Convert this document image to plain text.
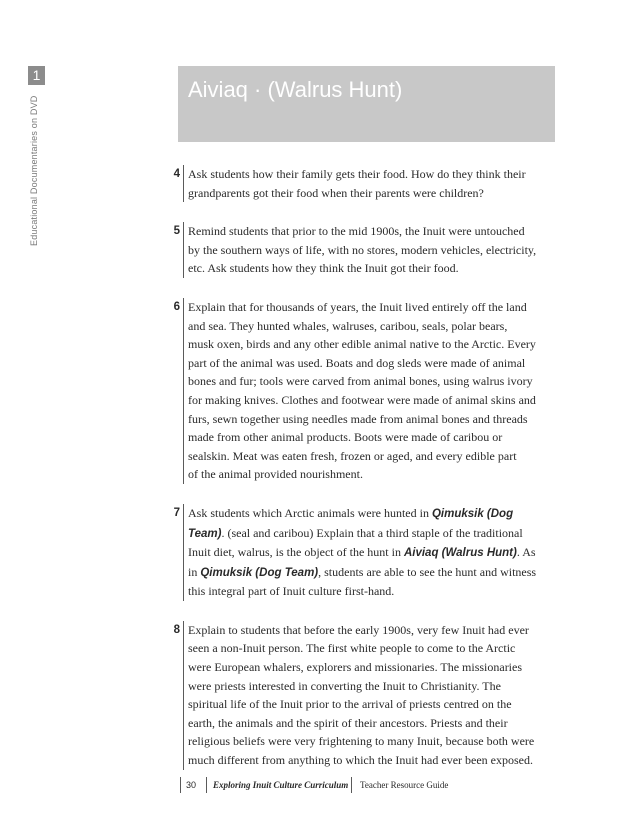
1
Educational Documentaries on DVD
Aiviaq · (Walrus Hunt)
4 Ask students how their family gets their food. How do they think their
grandparents got their food when their parents were children?
5 Remind students that prior to the mid 1900s, the Inuit were untouched
by the southern ways of life, with no stores, modern vehicles, electricity,
etc. Ask students how they think the Inuit got their food.
6 Explain that for thousands of years, the Inuit lived entirely off the land
and sea. They hunted whales, walruses, caribou, seals, polar bears,
musk oxen, birds and any other edible animal native to the Arctic. Every
part of the animal was used. Boats and dog sleds were made of animal
bones and fur; tools were carved from animal bones, using walrus ivory
for making knives. Clothes and footwear were made of animal skins and
furs, sewn together using needles made from animal bones and threads
made from other animal products. Boots were made of caribou or
sealskin. Meat was eaten fresh, frozen or aged, and every edible part
of the animal provided nourishment.
7 Ask students which Arctic animals were hunted in Qimuksik (Dog
Team). (seal and caribou) Explain that a third staple of the traditional
Inuit diet, walrus, is the object of the hunt in Aiviaq (Walrus Hunt). As
in Qimuksik (Dog Team), students are able to see the hunt and witness
this integral part of Inuit culture first-hand.
8 Explain to students that before the early 1900s, very few Inuit had ever
seen a non-Inuit person. The first white people to come to the Arctic
were European whalers, explorers and missionaries. The missionaries
were priests interested in converting the Inuit to Christianity. The
spiritual life of the Inuit prior to the arrival of priests centred on the
earth, the animals and the spirit of their ancestors. Priests and their
religious beliefs were very frightening to many Inuit, because both were
much different from anything to which the Inuit had ever been exposed.
30 Exploring Inuit Culture Curriculum Teacher Resource Guide
